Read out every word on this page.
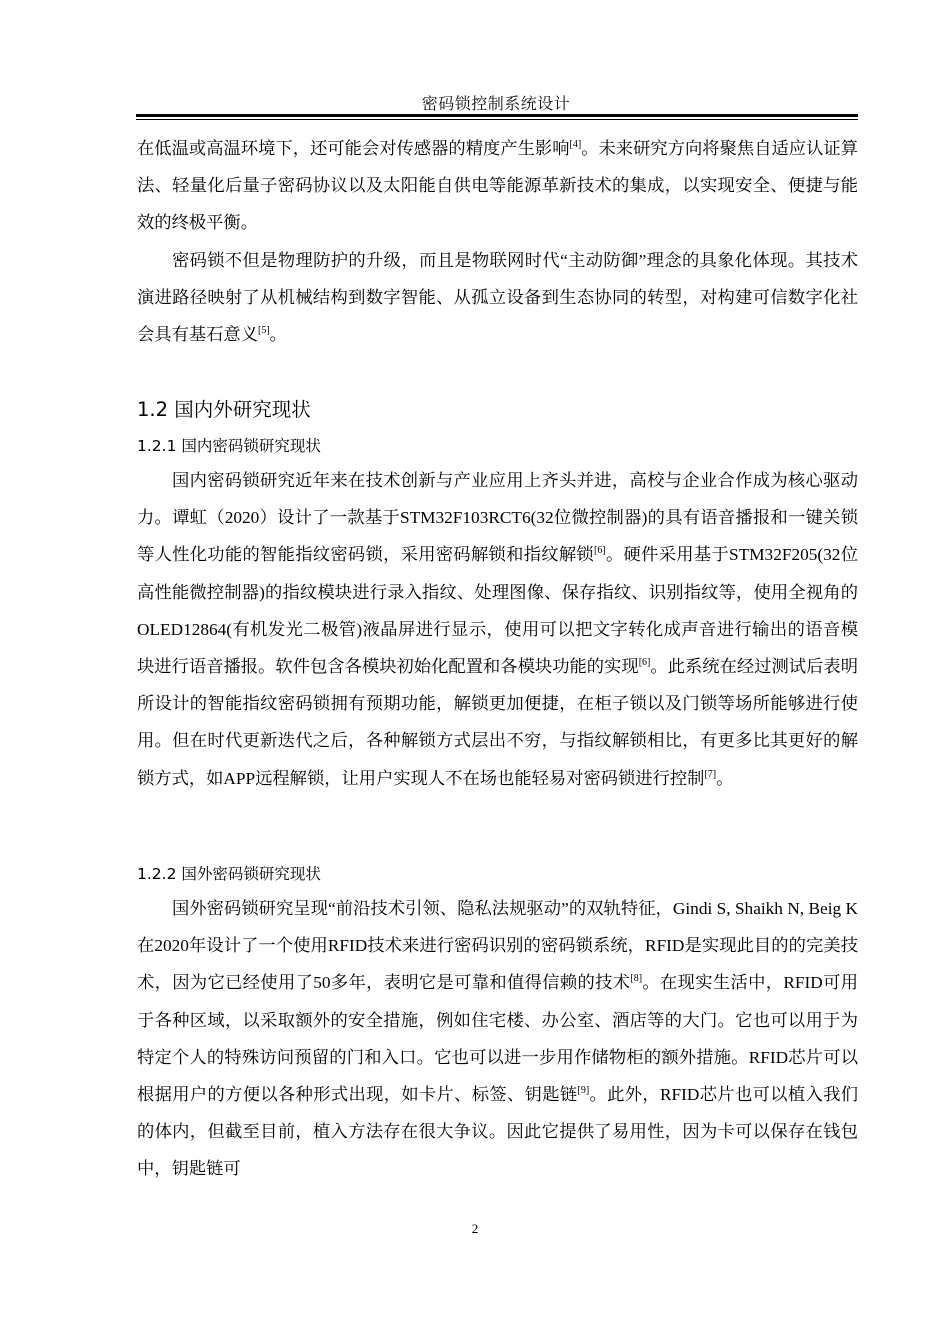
密码锁控制系统设计

在低温或高温环境下，还可能会对传感器的精度产生影响[4]。未来研究方向将聚焦自适应认证算法、轻量化后量子密码协议以及太阳能自供电等能源革新技术的集成，以实现安全、便捷与能效的终极平衡。

密码锁不但是物理防护的升级，而且是物联网时代“主动防御”理念的具象化体现。其技术演进路径映射了从机械结构到数字智能、从孤立设备到生态协同的转型，对构建可信数字化社会具有基石意义[5]。

1.2 国内外研究现状
1.2.1 国内密码锁研究现状

国内密码锁研究近年来在技术创新与产业应用上齐头并进，高校与企业合作成为核心驱动力。谭虹（2020）设计了一款基于STM32F103RCT6(32位微控制器)的具有语音播报和一键关锁等人性化功能的智能指纹密码锁，采用密码解锁和指纹解锁[6]。硬件采用基于STM32F205(32位高性能微控制器)的指纹模块进行录入指纹、处理图像、保存指纹、识别指纹等，使用全视角的OLED12864(有机发光二极管)液晶屏进行显示，使用可以把文字转化成声音进行输出的语音模块进行语音播报。软件包含各模块初始化配置和各模块功能的实现[6]。此系统在经过测试后表明所设计的智能指纹密码锁拥有预期功能，解锁更加便捷，在柜子锁以及门锁等场所能够进行使用。但在时代更新迭代之后，各种解锁方式层出不穷，与指纹解锁相比，有更多比其更好的解锁方式，如APP远程解锁，让用户实现人不在场也能轻易对密码锁进行控制[7]。

1.2.2 国外密码锁研究现状

国外密码锁研究呈现“前沿技术引领、隐私法规驱动”的双轨特征，Gindi S, Shaikh N, Beig K在2020年设计了一个使用RFID技术来进行密码识别的密码锁系统，RFID是实现此目的的完美技术，因为它已经使用了50多年，表明它是可靠和值得信赖的技术[8]。在现实生活中，RFID可用于各种区域，以采取额外的安全措施，例如住宅楼、办公室、酒店等的大门。它也可以用于为特定个人的特殊访问预留的门和入口。它也可以进一步用作储物柜的额外措施。RFID芯片可以根据用户的方便以各种形式出现，如卡片、标签、钥匙链[9]。此外，RFID芯片也可以植入我们的体内，但截至目前，植入方法存在很大争议。因此它提供了易用性，因为卡可以保存在钱包中，钥匙链可

2
